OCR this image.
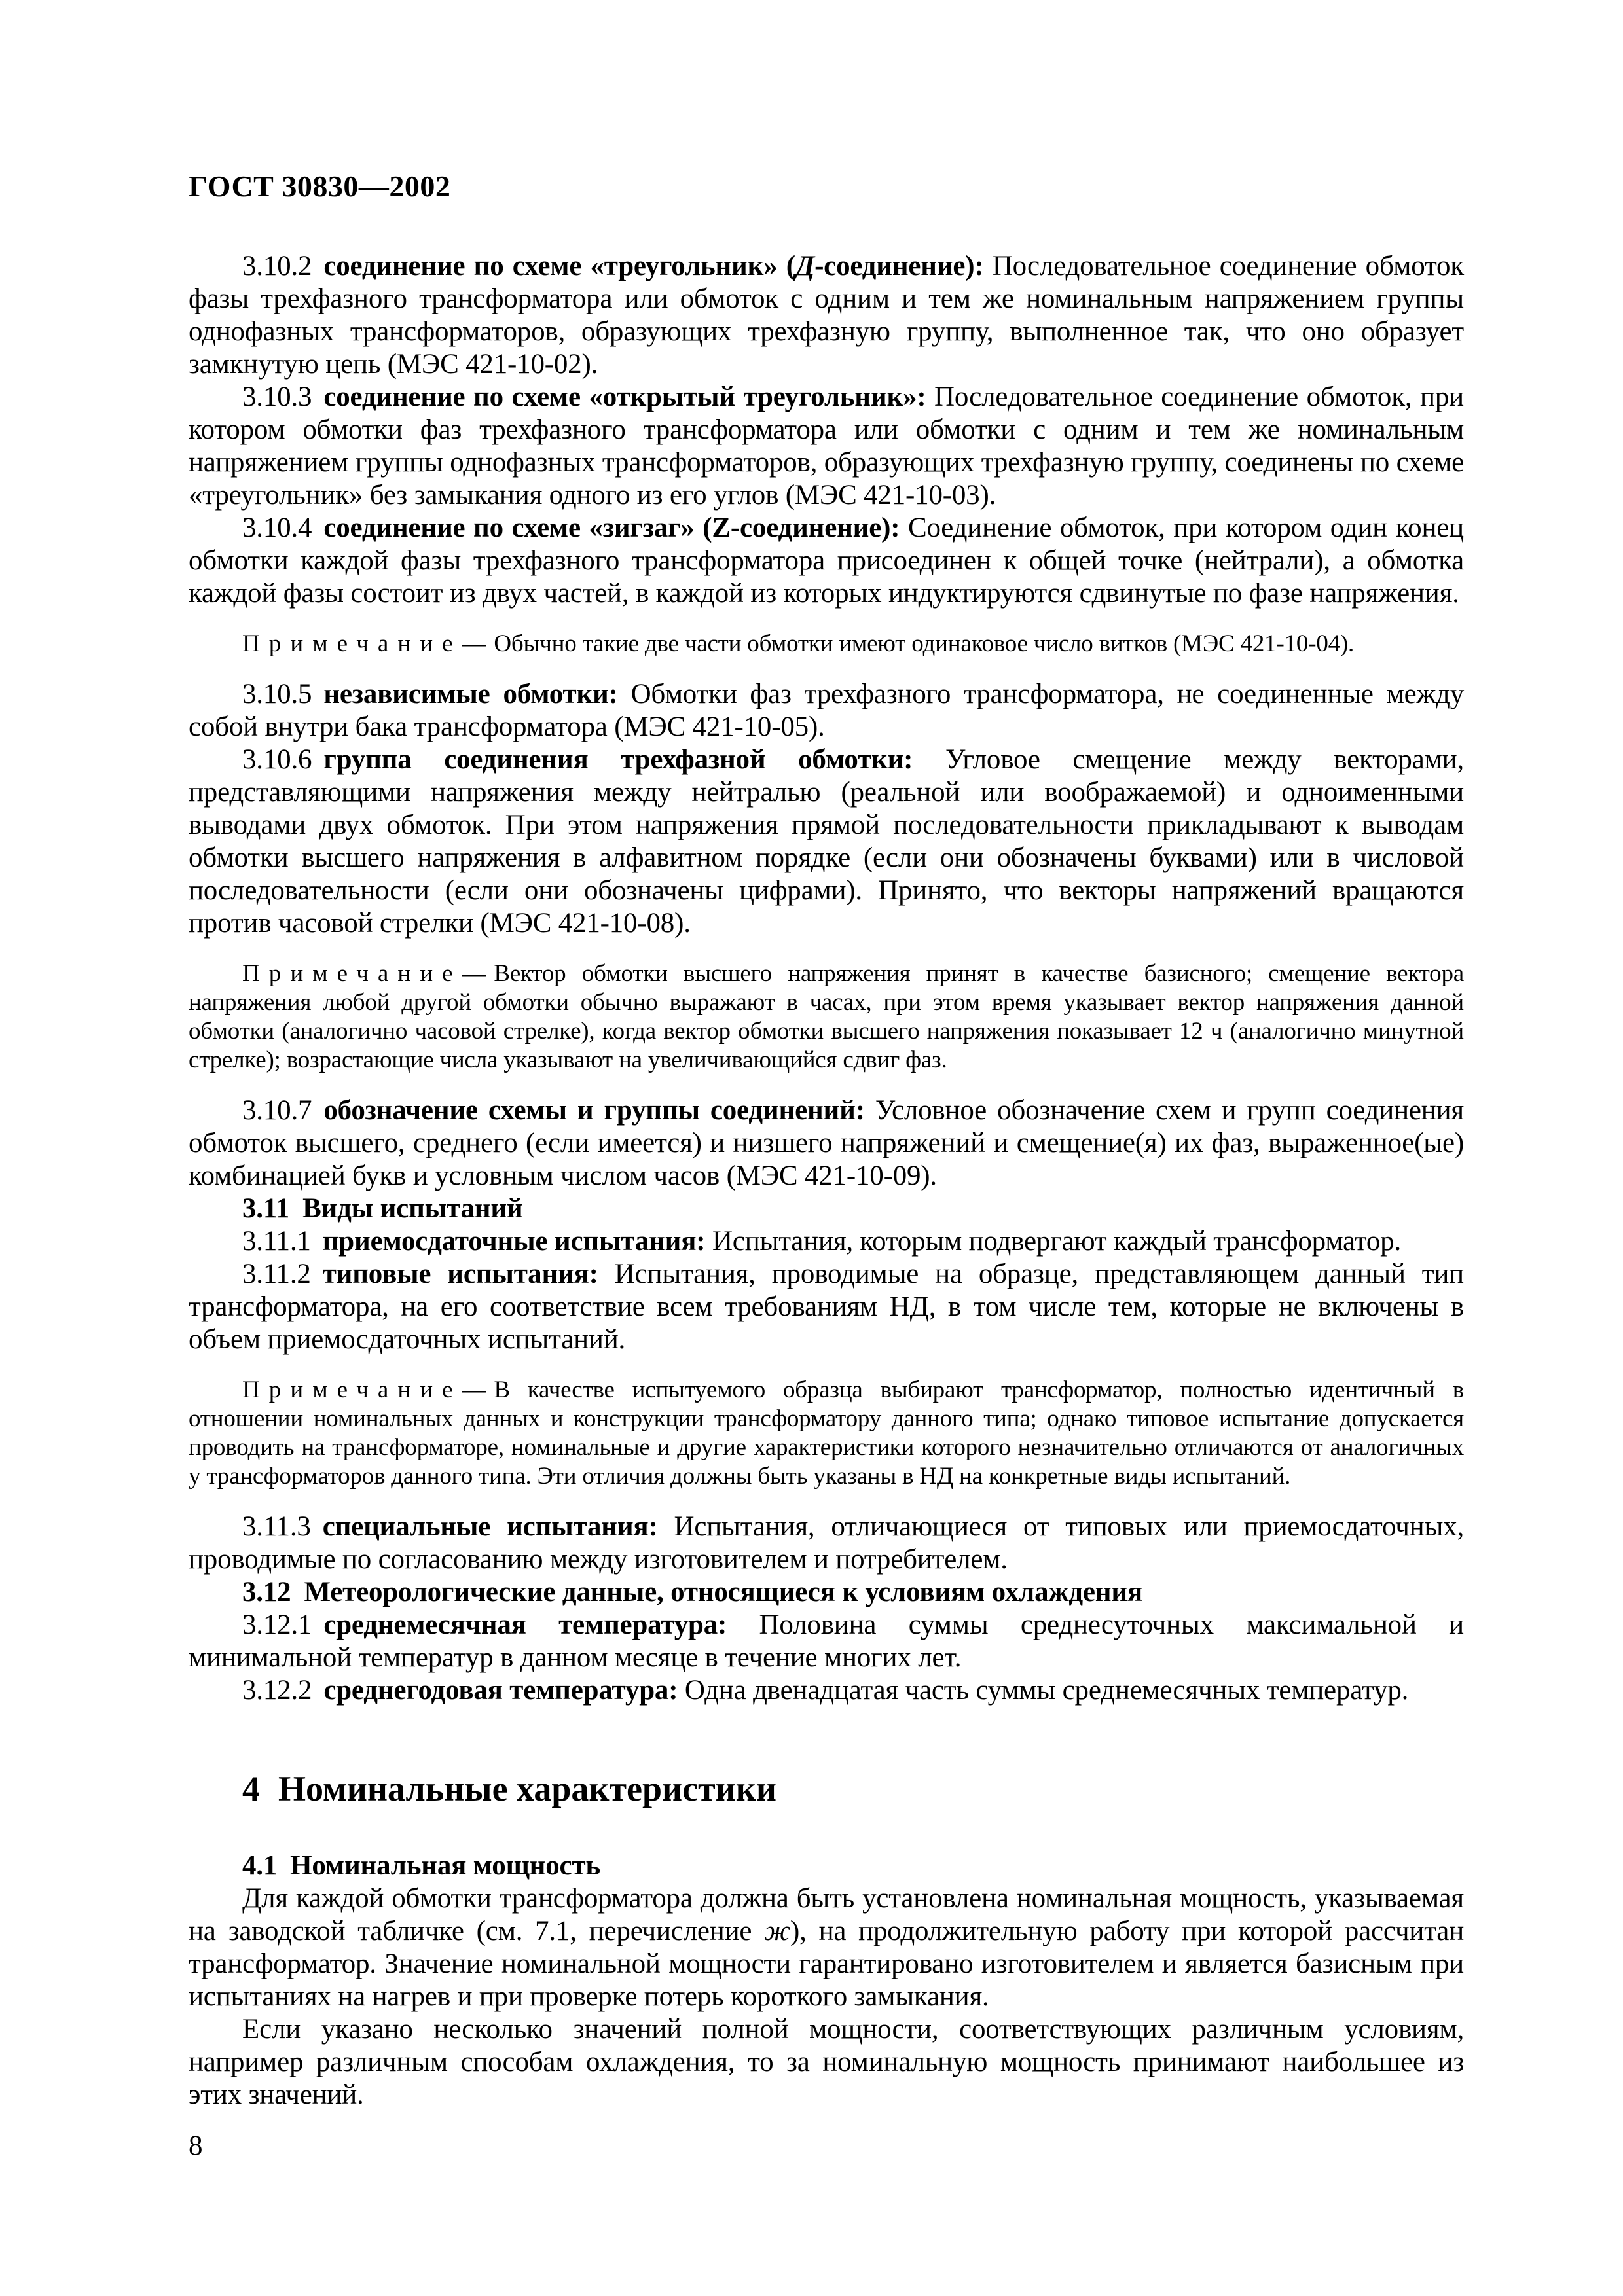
ГОСТ 30830—2002

3.10.2 соединение по схеме «треугольник» (Д-соединение): Последовательное соединение обмоток фазы трехфазного трансформатора или обмоток с одним и тем же номинальным напряжением группы однофазных трансформаторов, образующих трехфазную группу, выполненное так, что оно образует замкнутую цепь (МЭС 421-10-02).

3.10.3 соединение по схеме «открытый треугольник»: Последовательное соединение обмоток, при котором обмотки фаз трехфазного трансформатора или обмотки с одним и тем же номинальным напряжением группы однофазных трансформаторов, образующих трехфазную группу, соединены по схеме «треугольник» без замыкания одного из его углов (МЭС 421-10-03).

3.10.4 соединение по схеме «зигзаг» (Z-соединение): Соединение обмоток, при котором один конец обмотки каждой фазы трехфазного трансформатора присоединен к общей точке (нейтрали), а обмотка каждой фазы состоит из двух частей, в каждой из которых индуктируются сдвинутые по фазе напряжения.

Примечание— Обычно такие две части обмотки имеют одинаковое число витков (МЭС 421-10-04).

3.10.5 независимые обмотки: Обмотки фаз трехфазного трансформатора, не соединенные между собой внутри бака трансформатора (МЭС 421-10-05).

3.10.6 группа соединения трехфазной обмотки: Угловое смещение между векторами, представляющими напряжения между нейтралью (реальной или воображаемой) и одноименными выводами двух обмоток. При этом напряжения прямой последовательности прикладывают к выводам обмотки высшего напряжения в алфавитном порядке (если они обозначены буквами) или в числовой последовательности (если они обозначены цифрами). Принято, что векторы напряжений вращаются против часовой стрелки (МЭС 421-10-08).

Примечание— Вектор обмотки высшего напряжения принят в качестве базисного; смещение вектора напряжения любой другой обмотки обычно выражают в часах, при этом время указывает вектор напряжения данной обмотки (аналогично часовой стрелке), когда вектор обмотки высшего напряжения показывает 12 ч (аналогично минутной стрелке); возрастающие числа указывают на увеличивающийся сдвиг фаз.

3.10.7 обозначение схемы и группы соединений: Условное обозначение схем и групп соединения обмоток высшего, среднего (если имеется) и низшего напряжений и смещение(я) их фаз, выраженное(ые) комбинацией букв и условным числом часов (МЭС 421-10-09).

3.11 Виды испытаний

3.11.1 приемосдаточные испытания: Испытания, которым подвергают каждый трансформатор.

3.11.2 типовые испытания: Испытания, проводимые на образце, представляющем данный тип трансформатора, на его соответствие всем требованиям НД, в том числе тем, которые не включены в объем приемосдаточных испытаний.

Примечание— В качестве испытуемого образца выбирают трансформатор, полностью идентичный в отношении номинальных данных и конструкции трансформатору данного типа; однако типовое испытание допускается проводить на трансформаторе, номинальные и другие характеристики которого незначительно отличаются от аналогичных у трансформаторов данного типа. Эти отличия должны быть указаны в НД на конкретные виды испытаний.

3.11.3 специальные испытания: Испытания, отличающиеся от типовых или приемосдаточных, проводимые по согласованию между изготовителем и потребителем.

3.12 Метеорологические данные, относящиеся к условиям охлаждения

3.12.1 среднемесячная температура: Половина суммы среднесуточных максимальной и минимальной температур в данном месяце в течение многих лет.

3.12.2 среднегодовая температура: Одна двенадцатая часть суммы среднемесячных температур.

4 Номинальные характеристики

4.1 Номинальная мощность

Для каждой обмотки трансформатора должна быть установлена номинальная мощность, указываемая на заводской табличке (см. 7.1, перечисление ж), на продолжительную работу при которой рассчитан трансформатор. Значение номинальной мощности гарантировано изготовителем и является базисным при испытаниях на нагрев и при проверке потерь короткого замыкания.

Если указано несколько значений полной мощности, соответствующих различным условиям, например различным способам охлаждения, то за номинальную мощность принимают наибольшее из этих значений.

8
